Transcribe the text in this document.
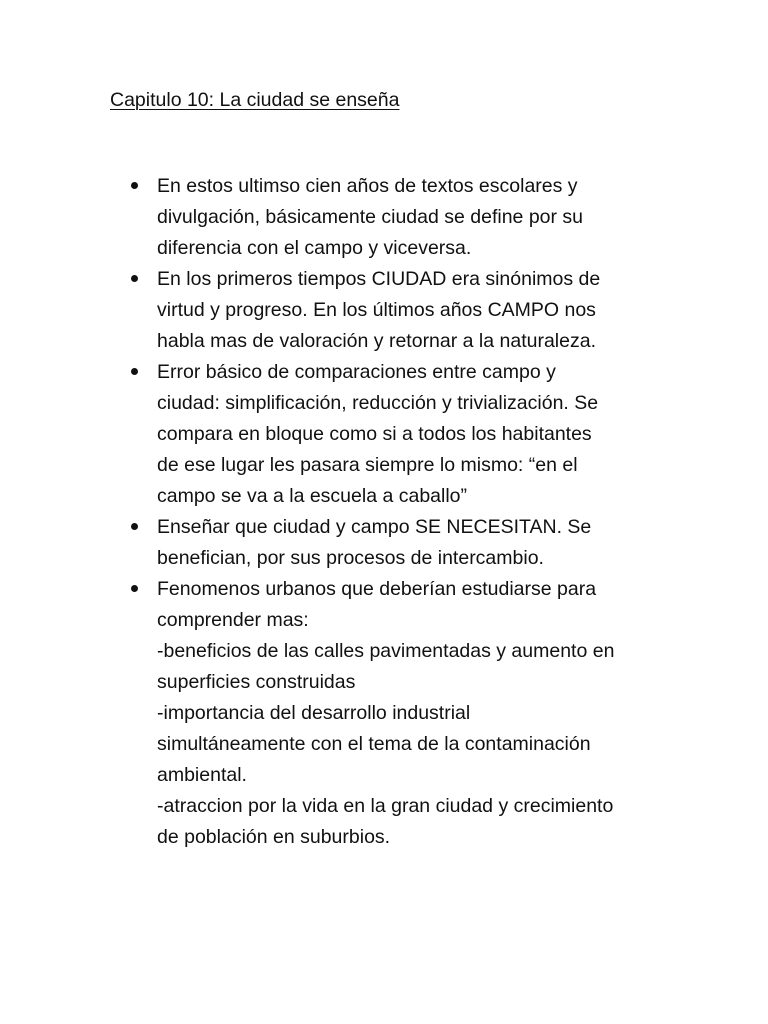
Capitulo 10: La ciudad se enseña
En estos ultimso cien años de textos escolares y
divulgación, básicamente ciudad se define por su
diferencia con el campo y viceversa.
En los primeros tiempos CIUDAD era sinónimos de
virtud y progreso. En los últimos años CAMPO nos
habla mas de valoración y retornar a la naturaleza.
Error básico de comparaciones entre campo y
ciudad: simplificación, reducción y trivialización. Se
compara en bloque como si a todos los habitantes
de ese lugar les pasara siempre lo mismo: “en el
campo se va a la escuela a caballo”
Enseñar que ciudad y campo SE NECESITAN. Se
benefician, por sus procesos de intercambio.
Fenomenos urbanos que deberían estudiarse para
comprender mas:
-beneficios de las calles pavimentadas y aumento en
superficies construidas
-importancia del desarrollo industrial
simultáneamente con el tema de la contaminación
ambiental.
-atraccion por la vida en la gran ciudad y crecimiento
de población en suburbios.
